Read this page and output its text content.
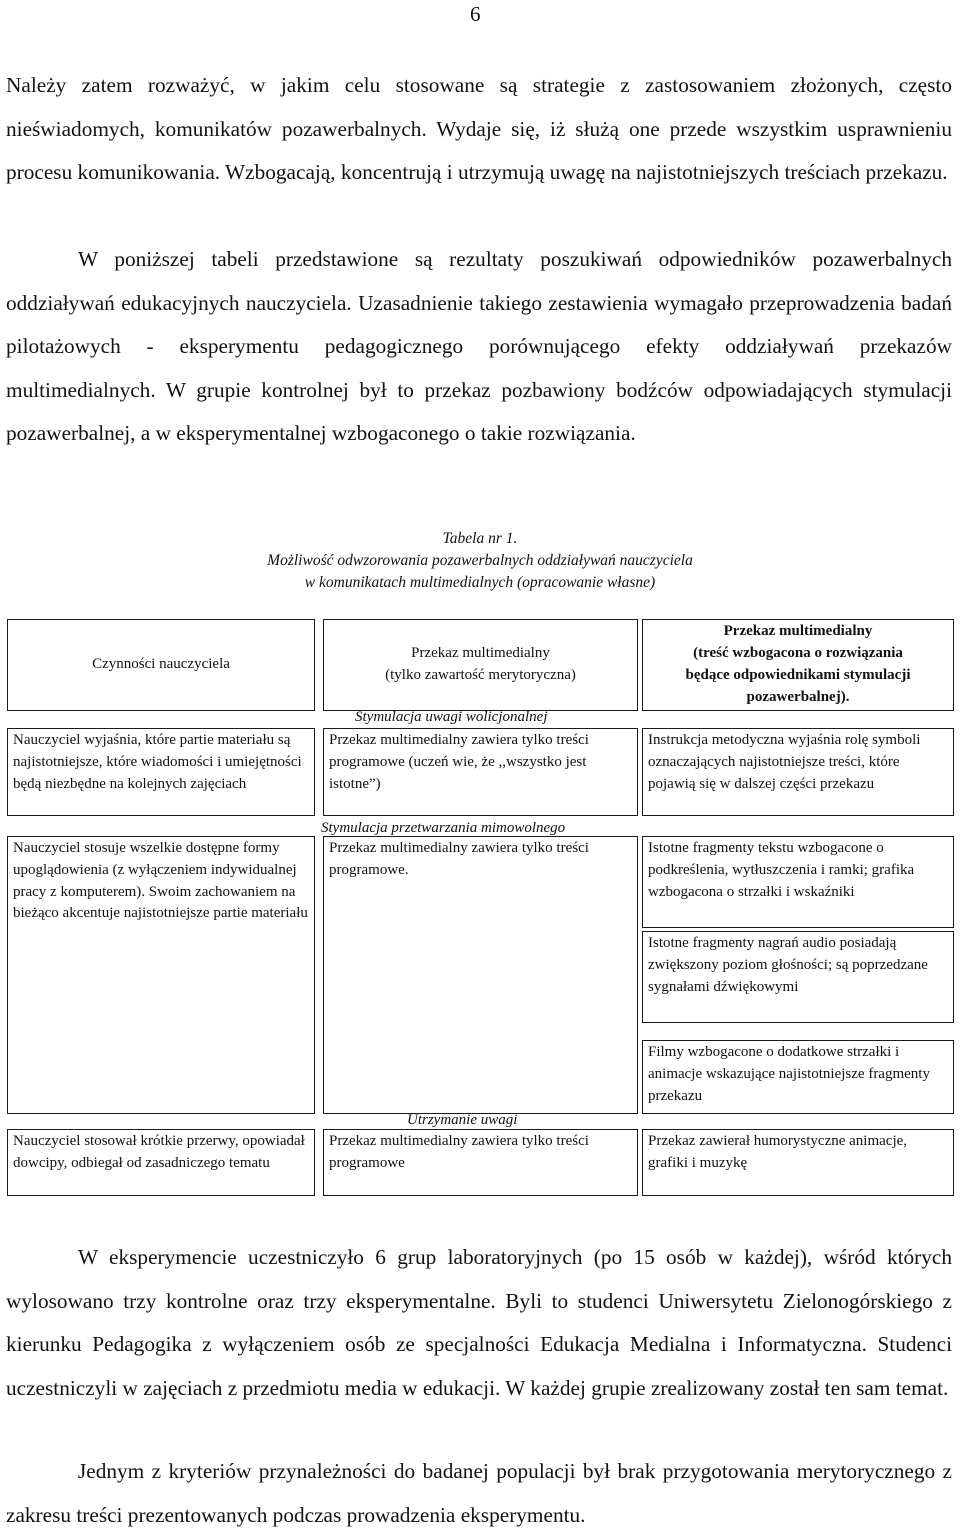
6

Należy zatem rozważyć, w jakim celu stosowane są strategie z zastosowaniem złożonych, często nieświadomych, komunikatów pozawerbalnych. Wydaje się, iż służą one przede wszystkim usprawnieniu procesu komunikowania. Wzbogacają, koncentrują i utrzymują uwagę na najistotniejszych treściach przekazu.

W poniższej tabeli przedstawione są rezultaty poszukiwań odpowiedników pozawerbalnych oddziaływań edukacyjnych nauczyciela. Uzasadnienie takiego zestawienia wymagało przeprowadzenia badań pilotażowych - eksperymentu pedagogicznego porównującego efekty oddziaływań przekazów multimedialnych. W grupie kontrolnej był to przekaz pozbawiony bodźców odpowiadających stymulacji pozawerbalnej, a w eksperymentalnej wzbogaconego o takie rozwiązania.

Tabela nr 1.
Możliwość odwzorowania pozawerbalnych oddziaływań nauczyciela
w komunikatach multimedialnych (opracowanie własne)
Czynności nauczyciela
Nauczyciel wyjaśnia, które partie materiału są najistotniejsze, które wiadomości i umiejętności będą niezbędne na kolejnych zajęciach
Nauczyciel stosuje wszelkie dostępne formy upoglądowienia (z wyłączeniem indywidualnej pracy z komputerem). Swoim zachowaniem na bieżąco akcentuje najistotniejsze partie materiału
Nauczyciel stosował krótkie przerwy, opowiadał dowcipy, odbiegał od zasadniczego tematu
Przekaz multimedialny
(tylko zawartość merytoryczna)
Stymulacja uwagi wolicjonalnej
Przekaz multimedialny zawiera tylko treści programowe (uczeń wie, że ,,wszystko jest istotne”)
Stymulacja przetwarzania mimowolnego
Przekaz multimedialny zawiera tylko treści programowe.
Utrzymanie uwagi
Przekaz multimedialny zawiera tylko treści programowe
Przekaz multimedialny
(treść wzbogacona o rozwiązania
będące odpowiednikami stymulacji
pozawerbalnej).
Instrukcja metodyczna wyjaśnia rolę symboli oznaczających najistotniejsze treści, które pojawią się w dalszej części przekazu
Istotne fragmenty tekstu wzbogacone o podkreślenia, wytłuszczenia i ramki; grafika wzbogacona o strzałki i wskaźniki
Istotne fragmenty nagrań audio posiadają zwiększony poziom głośności; są poprzedzane sygnałami dźwiękowymi
Filmy wzbogacone o dodatkowe strzałki i animacje wskazujące najistotniejsze fragmenty przekazu
Przekaz zawierał humorystyczne animacje, grafiki i muzykę

W eksperymencie uczestniczyło 6 grup laboratoryjnych (po 15 osób w każdej), wśród których wylosowano trzy kontrolne oraz trzy eksperymentalne. Byli to studenci Uniwersytetu Zielonogórskiego z kierunku Pedagogika z wyłączeniem osób ze specjalności Edukacja Medialna i Informatyczna. Studenci uczestniczyli w zajęciach z przedmiotu media w edukacji. W każdej grupie zrealizowany został ten sam temat.

Jednym z kryteriów przynależności do badanej populacji był brak przygotowania merytorycznego z zakresu treści prezentowanych podczas prowadzenia eksperymentu.
